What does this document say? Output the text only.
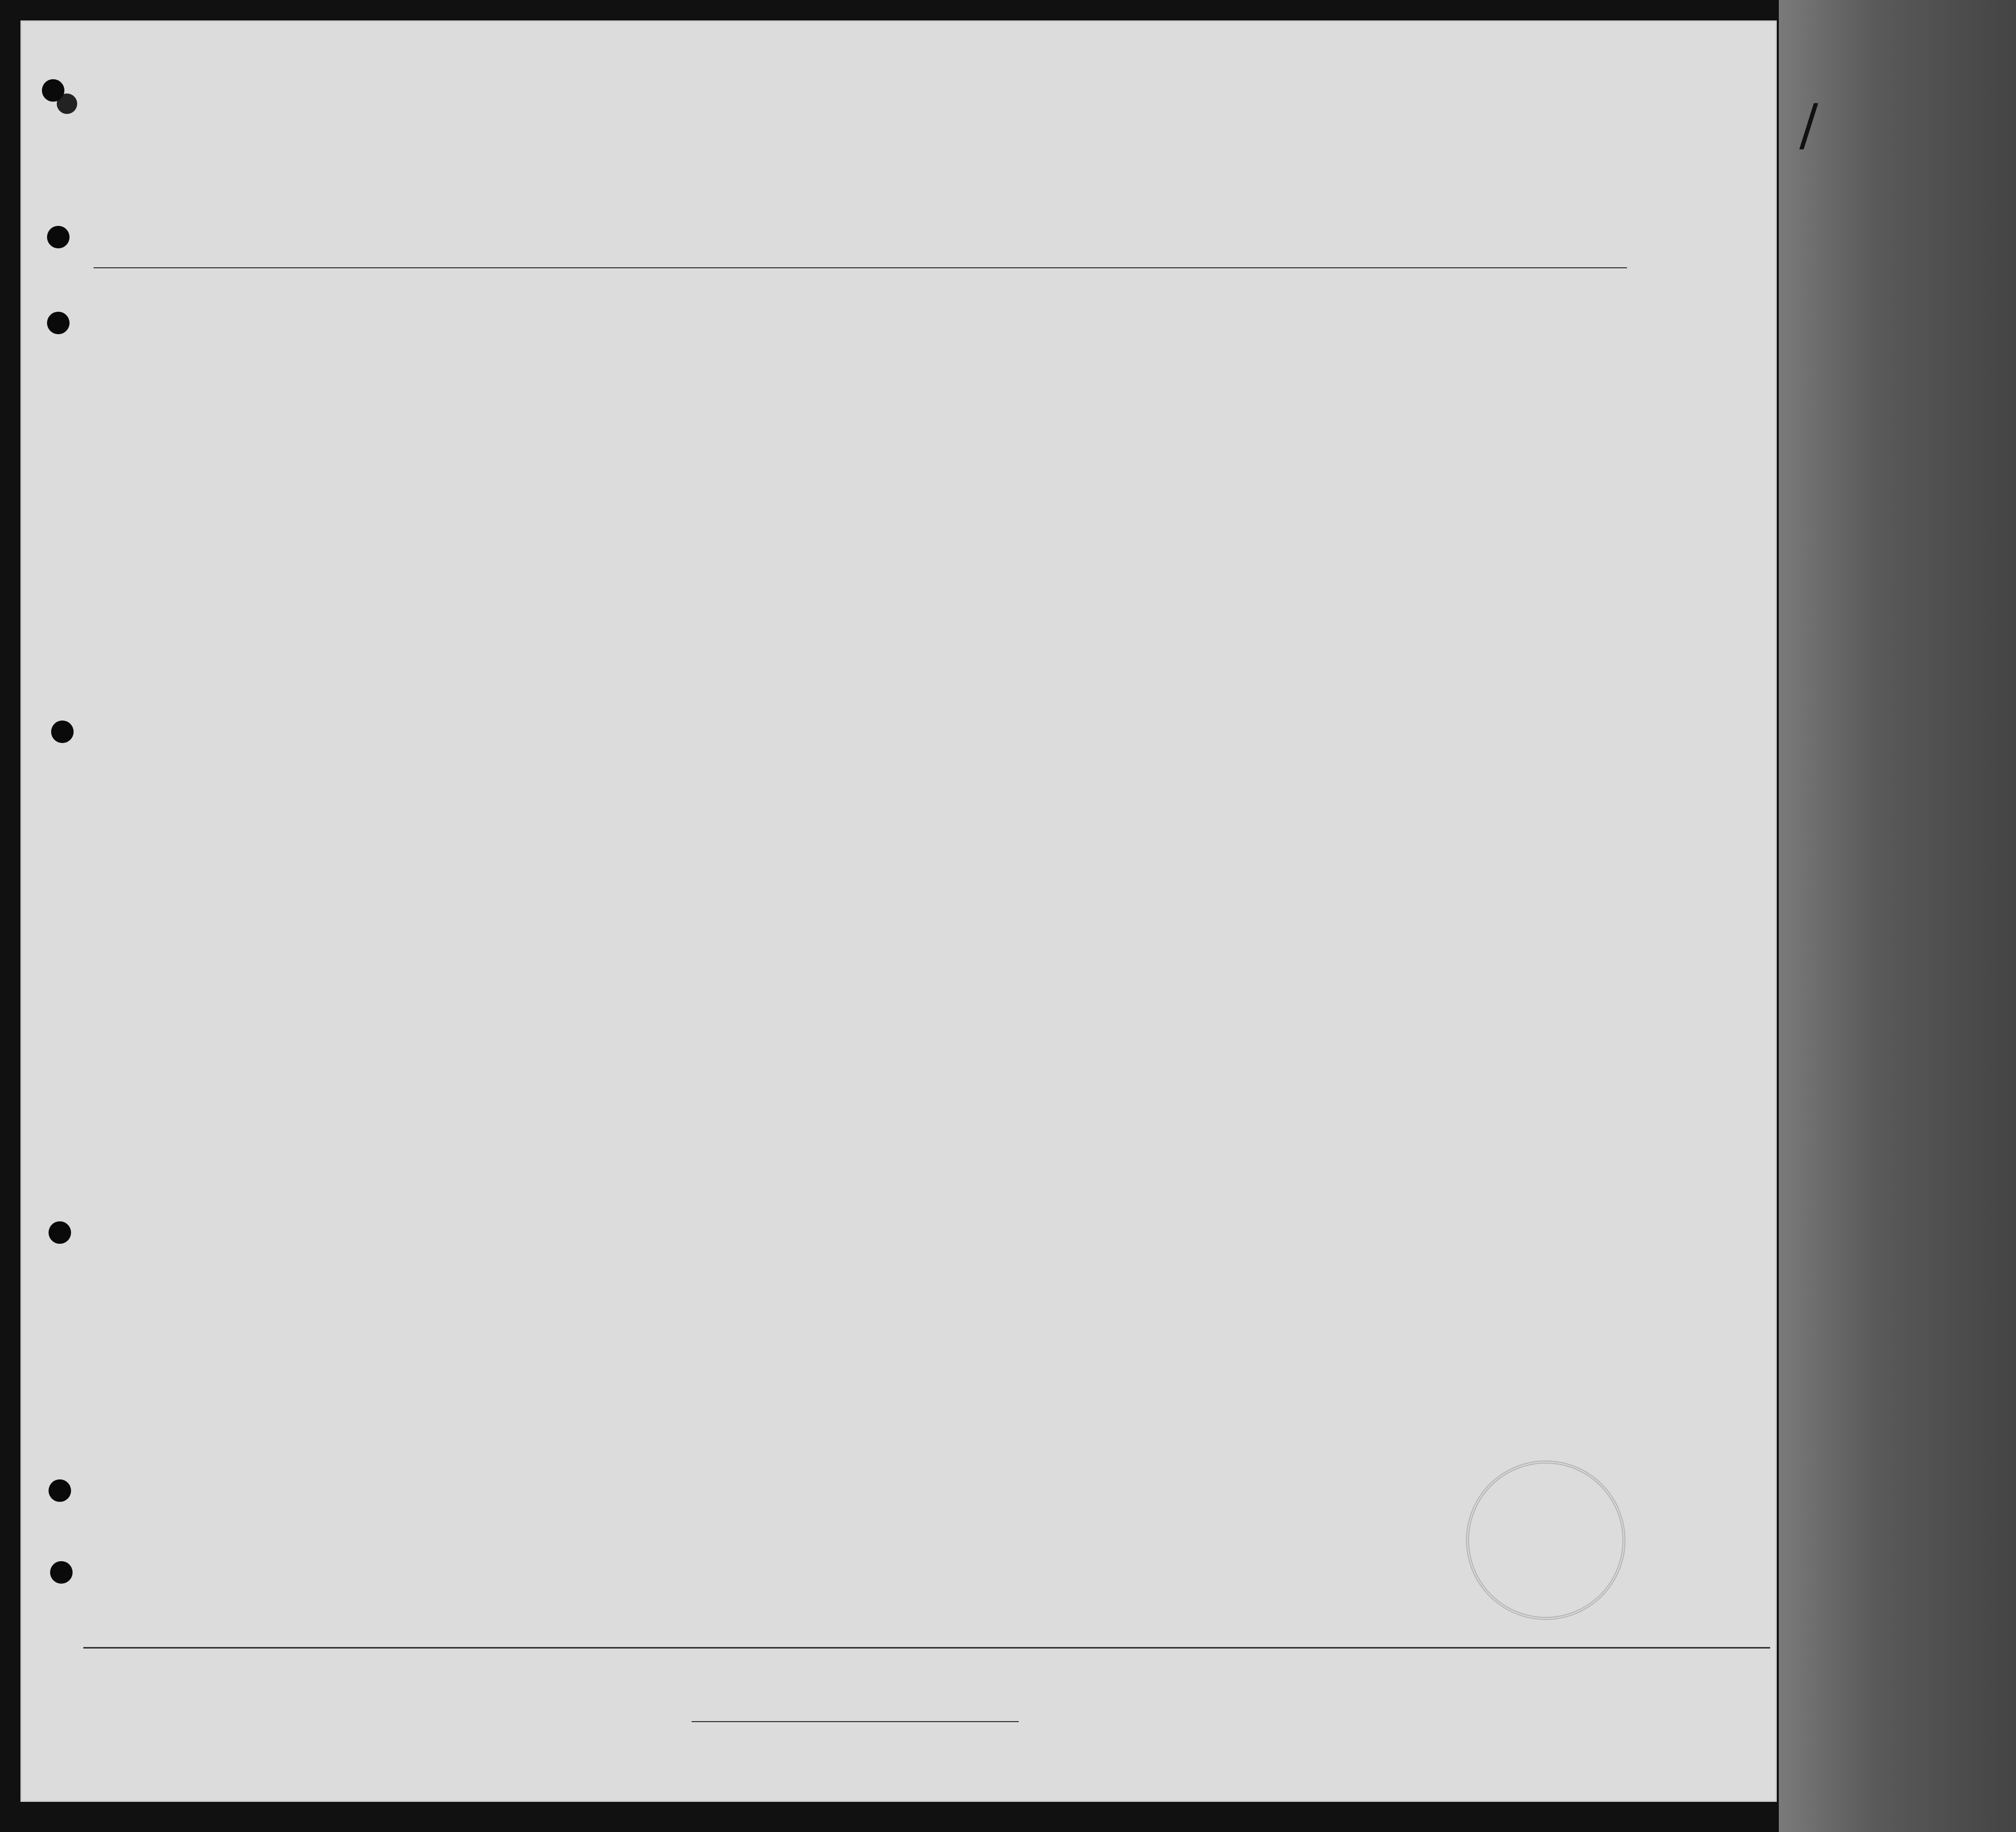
∕
